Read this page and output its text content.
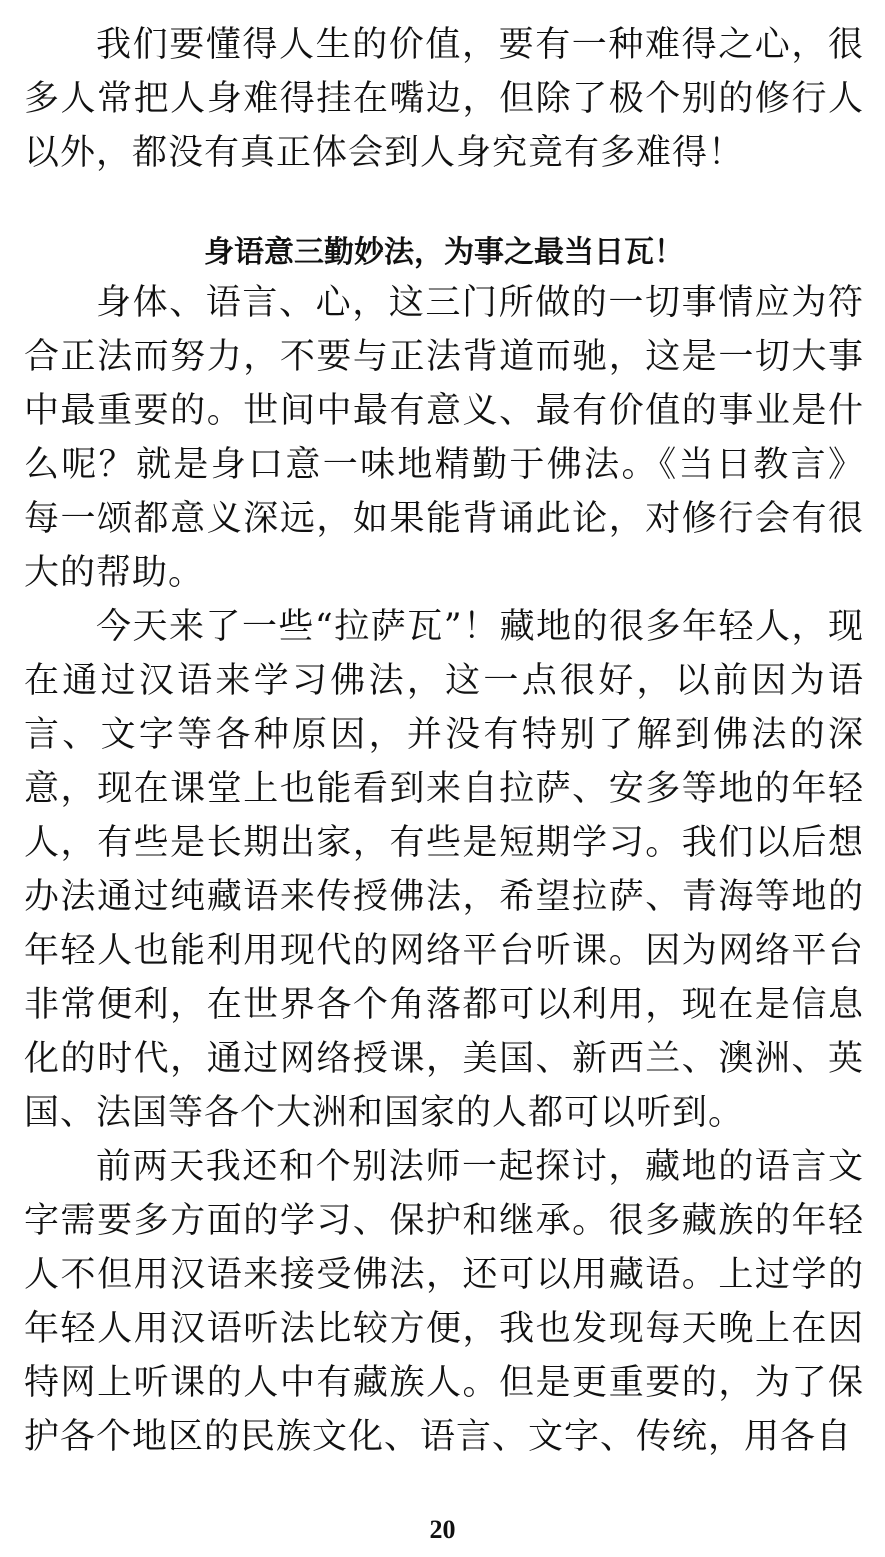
我们要懂得人生的价值，要有一种难得之心，很多人常把人身难得挂在嘴边，但除了极个别的修行人以外，都没有真正体会到人身究竟有多难得！

身语意三勤妙法，为事之最当日瓦！

身体、语言、心，这三门所做的一切事情应为符合正法而努力，不要与正法背道而驰，这是一切大事中最重要的。世间中最有意义、最有价值的事业是什么呢？就是身口意一味地精勤于佛法。《当日教言》每一颂都意义深远，如果能背诵此论，对修行会有很大的帮助。

今天来了一些“拉萨瓦”！藏地的很多年轻人，现在通过汉语来学习佛法，这一点很好，以前因为语言、文字等各种原因，并没有特别了解到佛法的深意，现在课堂上也能看到来自拉萨、安多等地的年轻人，有些是长期出家，有些是短期学习。我们以后想办法通过纯藏语来传授佛法，希望拉萨、青海等地的年轻人也能利用现代的网络平台听课。因为网络平台非常便利，在世界各个角落都可以利用，现在是信息化的时代，通过网络授课，美国、新西兰、澳洲、英国、法国等各个大洲和国家的人都可以听到。

前两天我还和个别法师一起探讨，藏地的语言文字需要多方面的学习、保护和继承。很多藏族的年轻人不但用汉语来接受佛法，还可以用藏语。上过学的年轻人用汉语听法比较方便，我也发现每天晚上在因特网上听课的人中有藏族人。但是更重要的，为了保护各个地区的民族文化、语言、文字、传统，用各自

20
